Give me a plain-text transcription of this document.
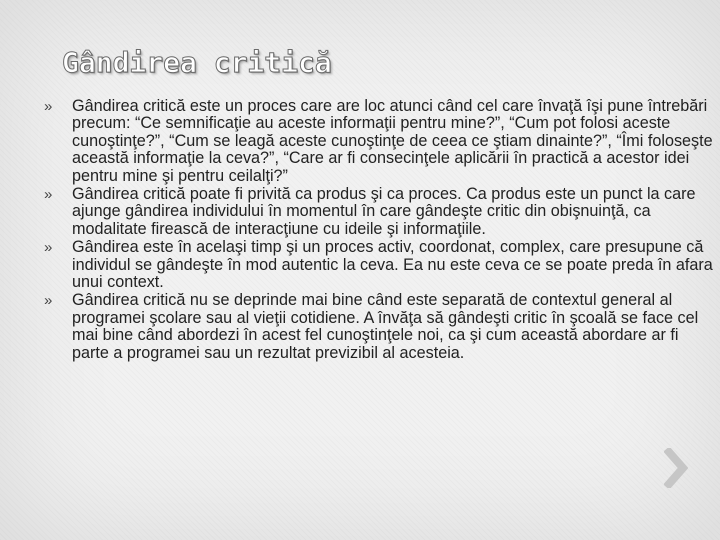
Gândirea critică
» Gândirea critică este un proces care are loc atunci când cel care învaţă îşi pune întrebări precum: “Ce semnificaţie au aceste informaţii pentru mine?”, “Cum pot folosi aceste cunoştinţe?”, “Cum se leagă aceste cunoştinţe de ceea ce ştiam dinainte?”, “Îmi foloseşte această informaţie la ceva?”, “Care ar fi consecinţele aplicării în practică a acestor idei pentru mine şi pentru ceilalţi?”
» Gândirea critică poate fi privită ca produs şi ca proces. Ca produs este un punct la care ajunge gândirea individului în momentul în care gândeşte critic din obişnuinţă, ca modalitate firească de interacţiune cu ideile şi informaţiile.
» Gândirea este în acelaşi timp şi un proces activ, coordonat, complex, care presupune că individul se gândeşte în mod autentic la ceva. Ea nu este ceva ce se poate preda în afara unui context.
» Gândirea critică nu se deprinde mai bine când este separată de contextul general al programei şcolare sau al vieţii cotidiene. A învăţa să gândeşti critic în şcoală se face cel mai bine când abordezi în acest fel cunoştinţele noi, ca şi cum această abordare ar fi parte a programei sau un rezultat previzibil al acesteia.
